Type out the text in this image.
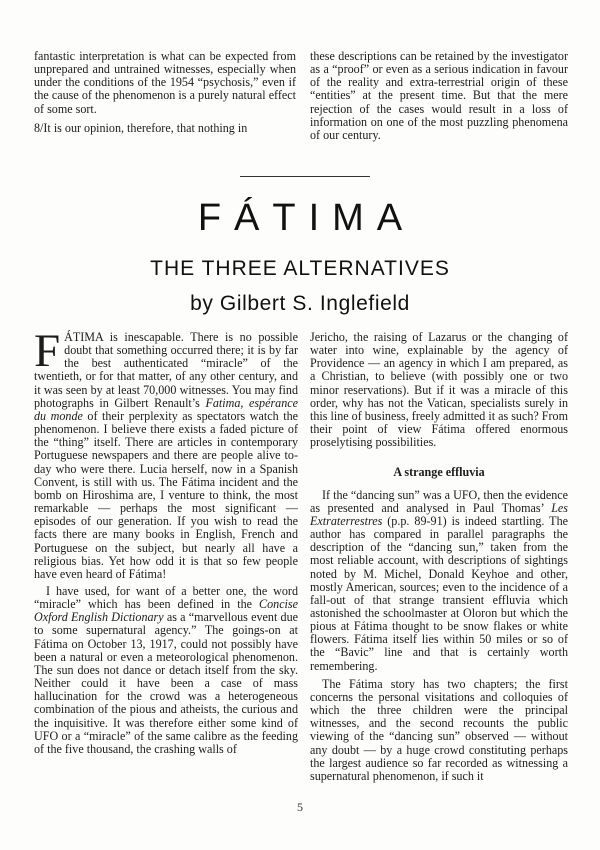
fantastic interpretation is what can be expected from unprepared and untrained witnesses, especially when under the conditions of the 1954 “psychosis,” even if the cause of the phenomenon is a purely natural effect of some sort.

8/It is our opinion, therefore, that nothing in

these descriptions can be retained by the investigator as a “proof” or even as a serious indication in favour of the reality and extra-terrestrial origin of these “entities” at the present time. But that the mere rejection of the cases would result in a loss of information on one of the most puzzling phenomena of our century.

FÁTIMA
THE THREE ALTERNATIVES
by Gilbert S. Inglefield

FÁTIMA is inescapable. There is no possible doubt that something occurred there; it is by far the best authenticated “miracle” of the twentieth, or for that matter, of any other century, and it was seen by at least 70,000 witnesses. You may find photographs in Gilbert Renault’s Fatima, espérance du monde of their perplexity as spectators watch the phenomenon. I believe there exists a faded picture of the “thing” itself. There are articles in contemporary Portuguese newspapers and there are people alive to-day who were there. Lucia herself, now in a Spanish Convent, is still with us. The Fátima incident and the bomb on Hiroshima are, I venture to think, the most remarkable — perhaps the most significant — episodes of our generation. If you wish to read the facts there are many books in English, French and Portuguese on the subject, but nearly all have a religious bias. Yet how odd it is that so few people have even heard of Fátima!

I have used, for want of a better one, the word “miracle” which has been defined in the Concise Oxford English Dictionary as a “marvellous event due to some supernatural agency.” The goings-on at Fátima on October 13, 1917, could not possibly have been a natural or even a meteorological phenomenon. The sun does not dance or detach itself from the sky. Neither could it have been a case of mass hallucination for the crowd was a heterogeneous combination of the pious and atheists, the curious and the inquisitive. It was therefore either some kind of UFO or a “miracle” of the same calibre as the feeding of the five thousand, the crashing walls of

Jericho, the raising of Lazarus or the changing of water into wine, explainable by the agency of Providence — an agency in which I am prepared, as a Christian, to believe (with possibly one or two minor reservations). But if it was a miracle of this order, why has not the Vatican, specialists surely in this line of business, freely admitted it as such? From their point of view Fátima offered enormous proselytising possibilities.

A strange effluvia

If the “dancing sun” was a UFO, then the evidence as presented and analysed in Paul Thomas’ Les Extraterrestres (p.p. 89-91) is indeed startling. The author has compared in parallel paragraphs the description of the “dancing sun,” taken from the most reliable account, with descriptions of sightings noted by M. Michel, Donald Keyhoe and other, mostly American, sources; even to the incidence of a fall-out of that strange transient effluvia which astonished the schoolmaster at Oloron but which the pious at Fátima thought to be snow flakes or white flowers. Fátima itself lies within 50 miles or so of the “Bavic” line and that is certainly worth remembering.

The Fátima story has two chapters; the first concerns the personal visitations and colloquies of which the three children were the principal witnesses, and the second recounts the public viewing of the “dancing sun” observed — without any doubt — by a huge crowd constituting perhaps the largest audience so far recorded as witnessing a supernatural phenomenon, if such it

5
